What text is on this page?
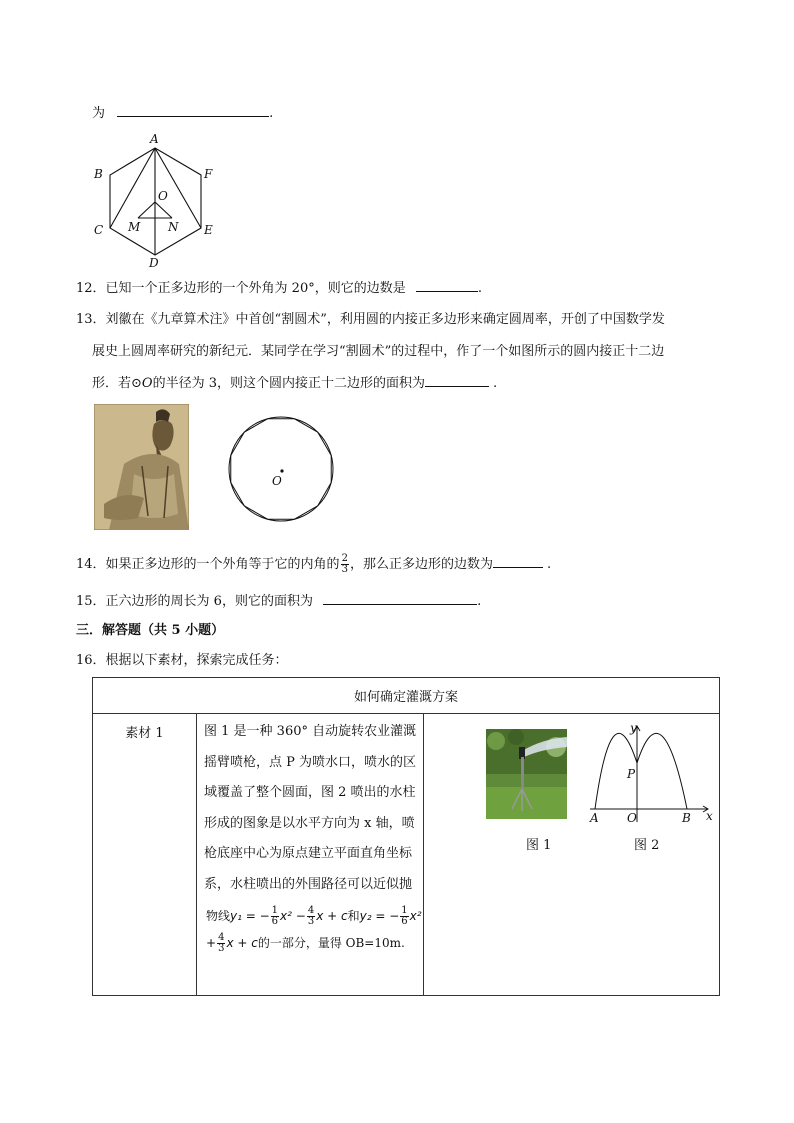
为	.
A
B	F
O
C M N E
D
12．已知一个正多边形的一个外角为 20°，则它的边数是	.
13．刘徽在《九章算术注》中首创“割圆术”，利用圆的内接正多边形来确定圆周率，开创了中国数学发
展史上圆周率研究的新纪元．某同学在学习“割圆术”的过程中，作了一个如图所示的圆内接正十二边
形．若⊙O的半径为 3，则这个圆内接正十二边形的面积为	.
O
14．如果正多边形的一个外角等于它的内角的 $\frac{2}{3}$ ，那么正多边形的边数为	.
15．正六边形的周长为 6，则它的面积为	.
三．解答题（共 5 小题）
16．根据以下素材，探索完成任务：
如何确定灌溉方案
素材 1	图 1 是一种 360° 自动旋转农业灌溉
摇臂喷枪，点 P 为喷水口，喷水的区
域覆盖了整个圆面，图 2 喷出的水柱
形成的图象是以水平方向为 x 轴，喷
枪底座中心为原点建立平面直角坐标
系，水柱喷出的外围路径可以近似抛
物线y₁ = − $\frac{1}{6} x^2 - \frac{4}{3}$ x + c和y₂ = − $\frac{1}{6} x^2$
+ $\frac{4}{3}$ x + c的一部分，量得 OB=10m.

图 1
y
x
P
A O	B
图 2
